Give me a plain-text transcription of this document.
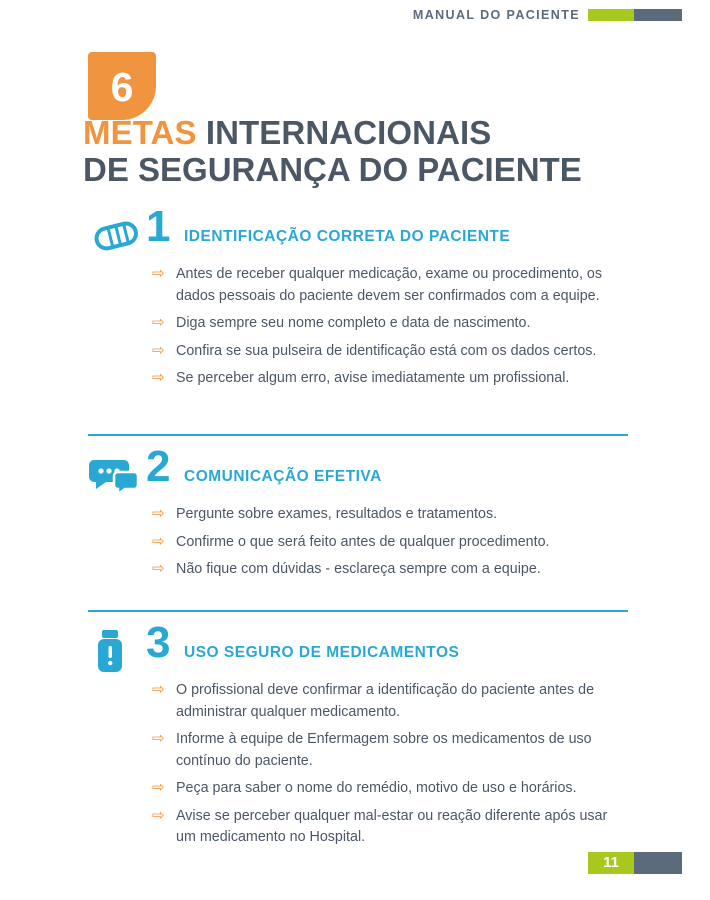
MANUAL DO PACIENTE
6
METAS INTERNACIONAIS
DE SEGURANÇA DO PACIENTE
1 IDENTIFICAÇÃO CORRETA DO PACIENTE
⇨ Antes de receber qualquer medicação, exame ou procedimento, os dados pessoais do paciente devem ser confirmados com a equipe.
⇨ Diga sempre seu nome completo e data de nascimento.
⇨ Confira se sua pulseira de identificação está com os dados certos.
⇨ Se perceber algum erro, avise imediatamente um profissional.
2 COMUNICAÇÃO EFETIVA
⇨ Pergunte sobre exames, resultados e tratamentos.
⇨ Confirme o que será feito antes de qualquer procedimento.
⇨ Não fique com dúvidas - esclareça sempre com a equipe.
3 USO SEGURO DE MEDICAMENTOS
⇨ O profissional deve confirmar a identificação do paciente antes de administrar qualquer medicamento.
⇨ Informe à equipe de Enfermagem sobre os medicamentos de uso contínuo do paciente.
⇨ Peça para saber o nome do remédio, motivo de uso e horários.
⇨ Avise se perceber qualquer mal-estar ou reação diferente após usar um medicamento no Hospital.
11
